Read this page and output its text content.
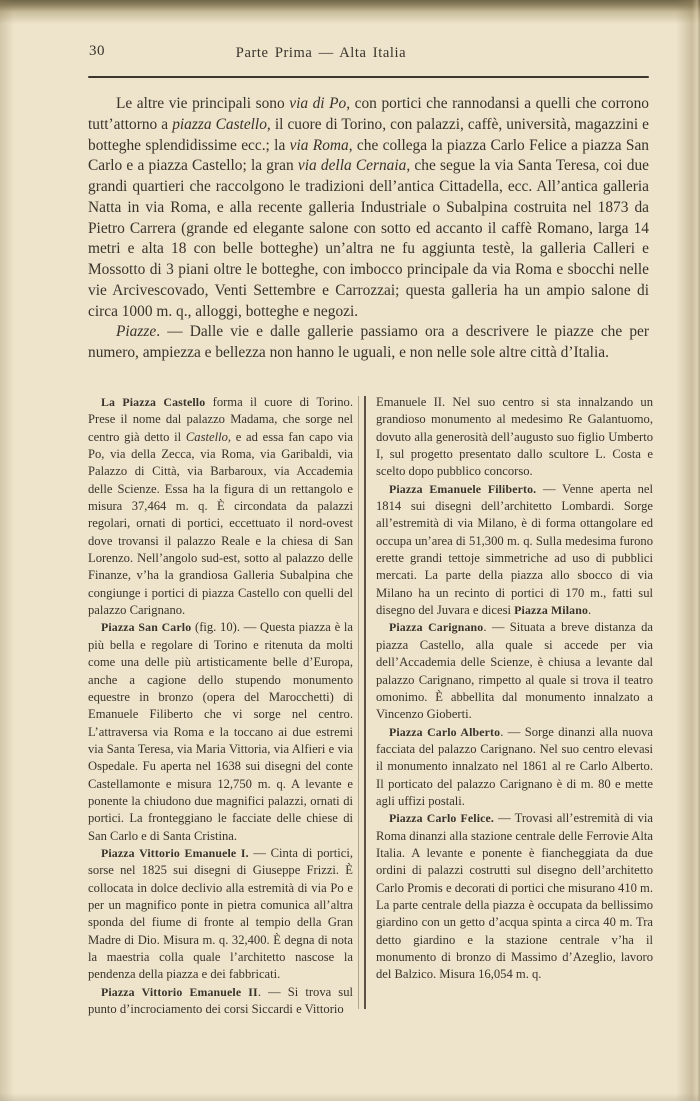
30	Parte Prima — Alta Italia

Le altre vie principali sono via di Po, con portici che rannodansi a quelli che corrono tutt’attorno a piazza Castello, il cuore di Torino, con palazzi, caffè, università, magazzini e botteghe splendidissime ecc.; la via Roma, che collega la piazza Carlo Felice a piazza San Carlo e a piazza Castello; la gran via della Cernaia, che segue la via Santa Teresa, coi due grandi quartieri che raccolgono le tradizioni dell’antica Cittadella, ecc. All’antica galleria Natta in via Roma, e alla recente galleria Industriale o Subalpina costruita nel 1873 da Pietro Carrera (grande ed elegante salone con sotto ed accanto il caffè Romano, larga 14 metri e alta 18 con belle botteghe) un’altra ne fu aggiunta testè, la galleria Calleri e Mossotto di 3 piani oltre le botteghe, con imbocco principale da via Roma e sbocchi nelle vie Arcivescovado, Venti Settembre e Carrozzai; questa galleria ha un ampio salone di circa 1000 m. q., alloggi, botteghe e negozi.

Piazze. — Dalle vie e dalle gallerie passiamo ora a descrivere le piazze che per numero, ampiezza e bellezza non hanno le uguali, e non nelle sole altre città d’Italia.

La Piazza Castello forma il cuore di Torino. Prese il nome dal palazzo Madama, che sorge nel centro già detto il Castello, e ad essa fan capo via Po, via della Zecca, via Roma, via Garibaldi, via Palazzo di Città, via Barbaroux, via Accademia delle Scienze. Essa ha la figura di un rettangolo e misura 37,464 m. q. È circondata da palazzi regolari, ornati di portici, eccettuato il nord-ovest dove trovansi il palazzo Reale e la chiesa di San Lorenzo. Nell’angolo sud-est, sotto al palazzo delle Finanze, v’ha la grandiosa Galleria Subalpina che congiunge i portici di piazza Castello con quelli del palazzo Carignano.

Piazza San Carlo (fig. 10). — Questa piazza è la più bella e regolare di Torino e ritenuta da molti come una delle più artisticamente belle d’Europa, anche a cagione dello stupendo monumento equestre in bronzo (opera del Marocchetti) di Emanuele Filiberto che vi sorge nel centro. L’attraversa via Roma e la toccano ai due estremi via Santa Teresa, via Maria Vittoria, via Alfieri e via Ospedale. Fu aperta nel 1638 sui disegni del conte Castellamonte e misura 12,750 m. q. A levante e ponente la chiudono due magnifici palazzi, ornati di portici. La fronteggiano le facciate delle chiese di San Carlo e di Santa Cristina.

Piazza Vittorio Emanuele I. — Cinta di portici, sorse nel 1825 sui disegni di Giuseppe Frizzi. È collocata in dolce declivio alla estremità di via Po e per un magnifico ponte in pietra comunica all’altra sponda del fiume di fronte al tempio della Gran Madre di Dio. Misura m. q. 32,400. È degna di nota la maestria colla quale l’architetto nascose la pendenza della piazza e dei fabbricati.

Piazza Vittorio Emanuele II. — Si trova sul punto d’incrociamento dei corsi Siccardi e Vittorio

Emanuele II. Nel suo centro si sta innalzando un grandioso monumento al medesimo Re Galantuomo, dovuto alla generosità dell’augusto suo figlio Umberto I, sul progetto presentato dallo scultore L. Costa e scelto dopo pubblico concorso.

Piazza Emanuele Filiberto. — Venne aperta nel 1814 sui disegni dell’architetto Lombardi. Sorge all’estremità di via Milano, è di forma ottangolare ed occupa un’area di 51,300 m. q. Sulla medesima furono erette grandi tettoje simmetriche ad uso di pubblici mercati. La parte della piazza allo sbocco di via Milano ha un recinto di portici di 170 m., fatti sul disegno del Juvara e dicesi Piazza Milano.

Piazza Carignano. — Situata a breve distanza da piazza Castello, alla quale si accede per via dell’Accademia delle Scienze, è chiusa a levante dal palazzo Carignano, rimpetto al quale si trova il teatro omonimo. È abbellita dal monumento innalzato a Vincenzo Gioberti.

Piazza Carlo Alberto. — Sorge dinanzi alla nuova facciata del palazzo Carignano. Nel suo centro elevasi il monumento innalzato nel 1861 al re Carlo Alberto. Il porticato del palazzo Carignano è di m. 80 e mette agli uffizi postali.

Piazza Carlo Felice. — Trovasi all’estremità di via Roma dinanzi alla stazione centrale delle Ferrovie Alta Italia. A levante e ponente è fiancheggiata da due ordini di palazzi costrutti sul disegno dell’architetto Carlo Promis e decorati di portici che misurano 410 m. La parte centrale della piazza è occupata da bellissimo giardino con un getto d’acqua spinta a circa 40 m. Tra detto giardino e la stazione centrale v’ha il monumento di bronzo di Massimo d’Azeglio, lavoro del Balzico. Misura 16,054 m. q.
